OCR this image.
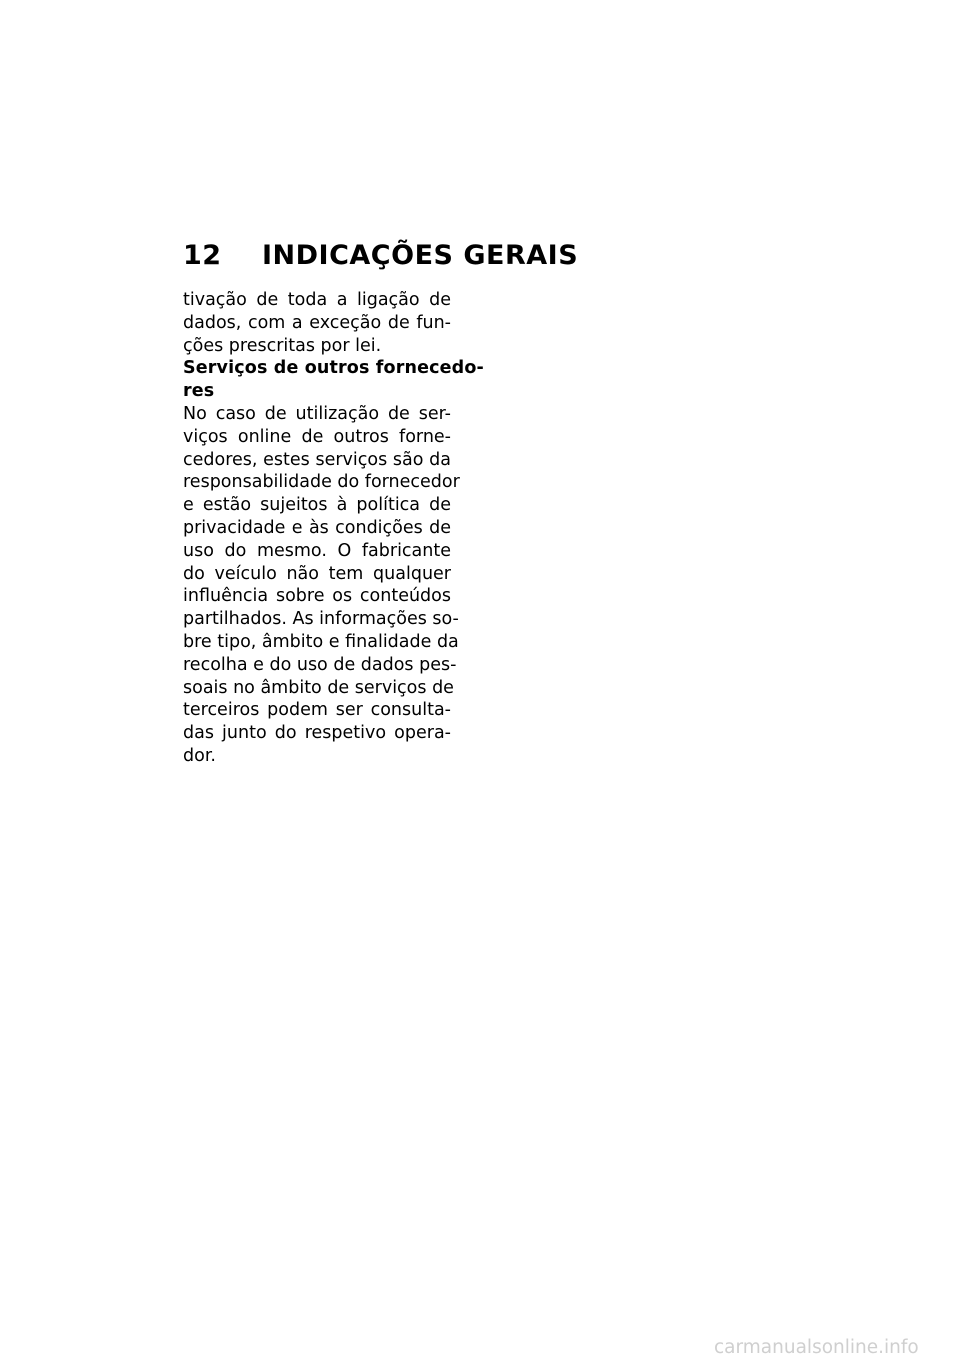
12	INDICAÇÕES GERAIS
tivação de toda a ligação de
dados, com a exceção de fun-
ções prescritas por lei.
Serviços de outros fornecedo-
res
No caso de utilização de ser-
viços online de outros forne-
cedores, estes serviços são da
responsabilidade do fornecedor
e estão sujeitos à política de
privacidade e às condições de
uso do mesmo. O fabricante
do veículo não tem qualquer
influência sobre os conteúdos
partilhados. As informações so-
bre tipo, âmbito e finalidade da
recolha e do uso de dados pes-
soais no âmbito de serviços de
terceiros podem ser consulta-
das junto do respetivo opera-
dor.
carmanualsonline.info
